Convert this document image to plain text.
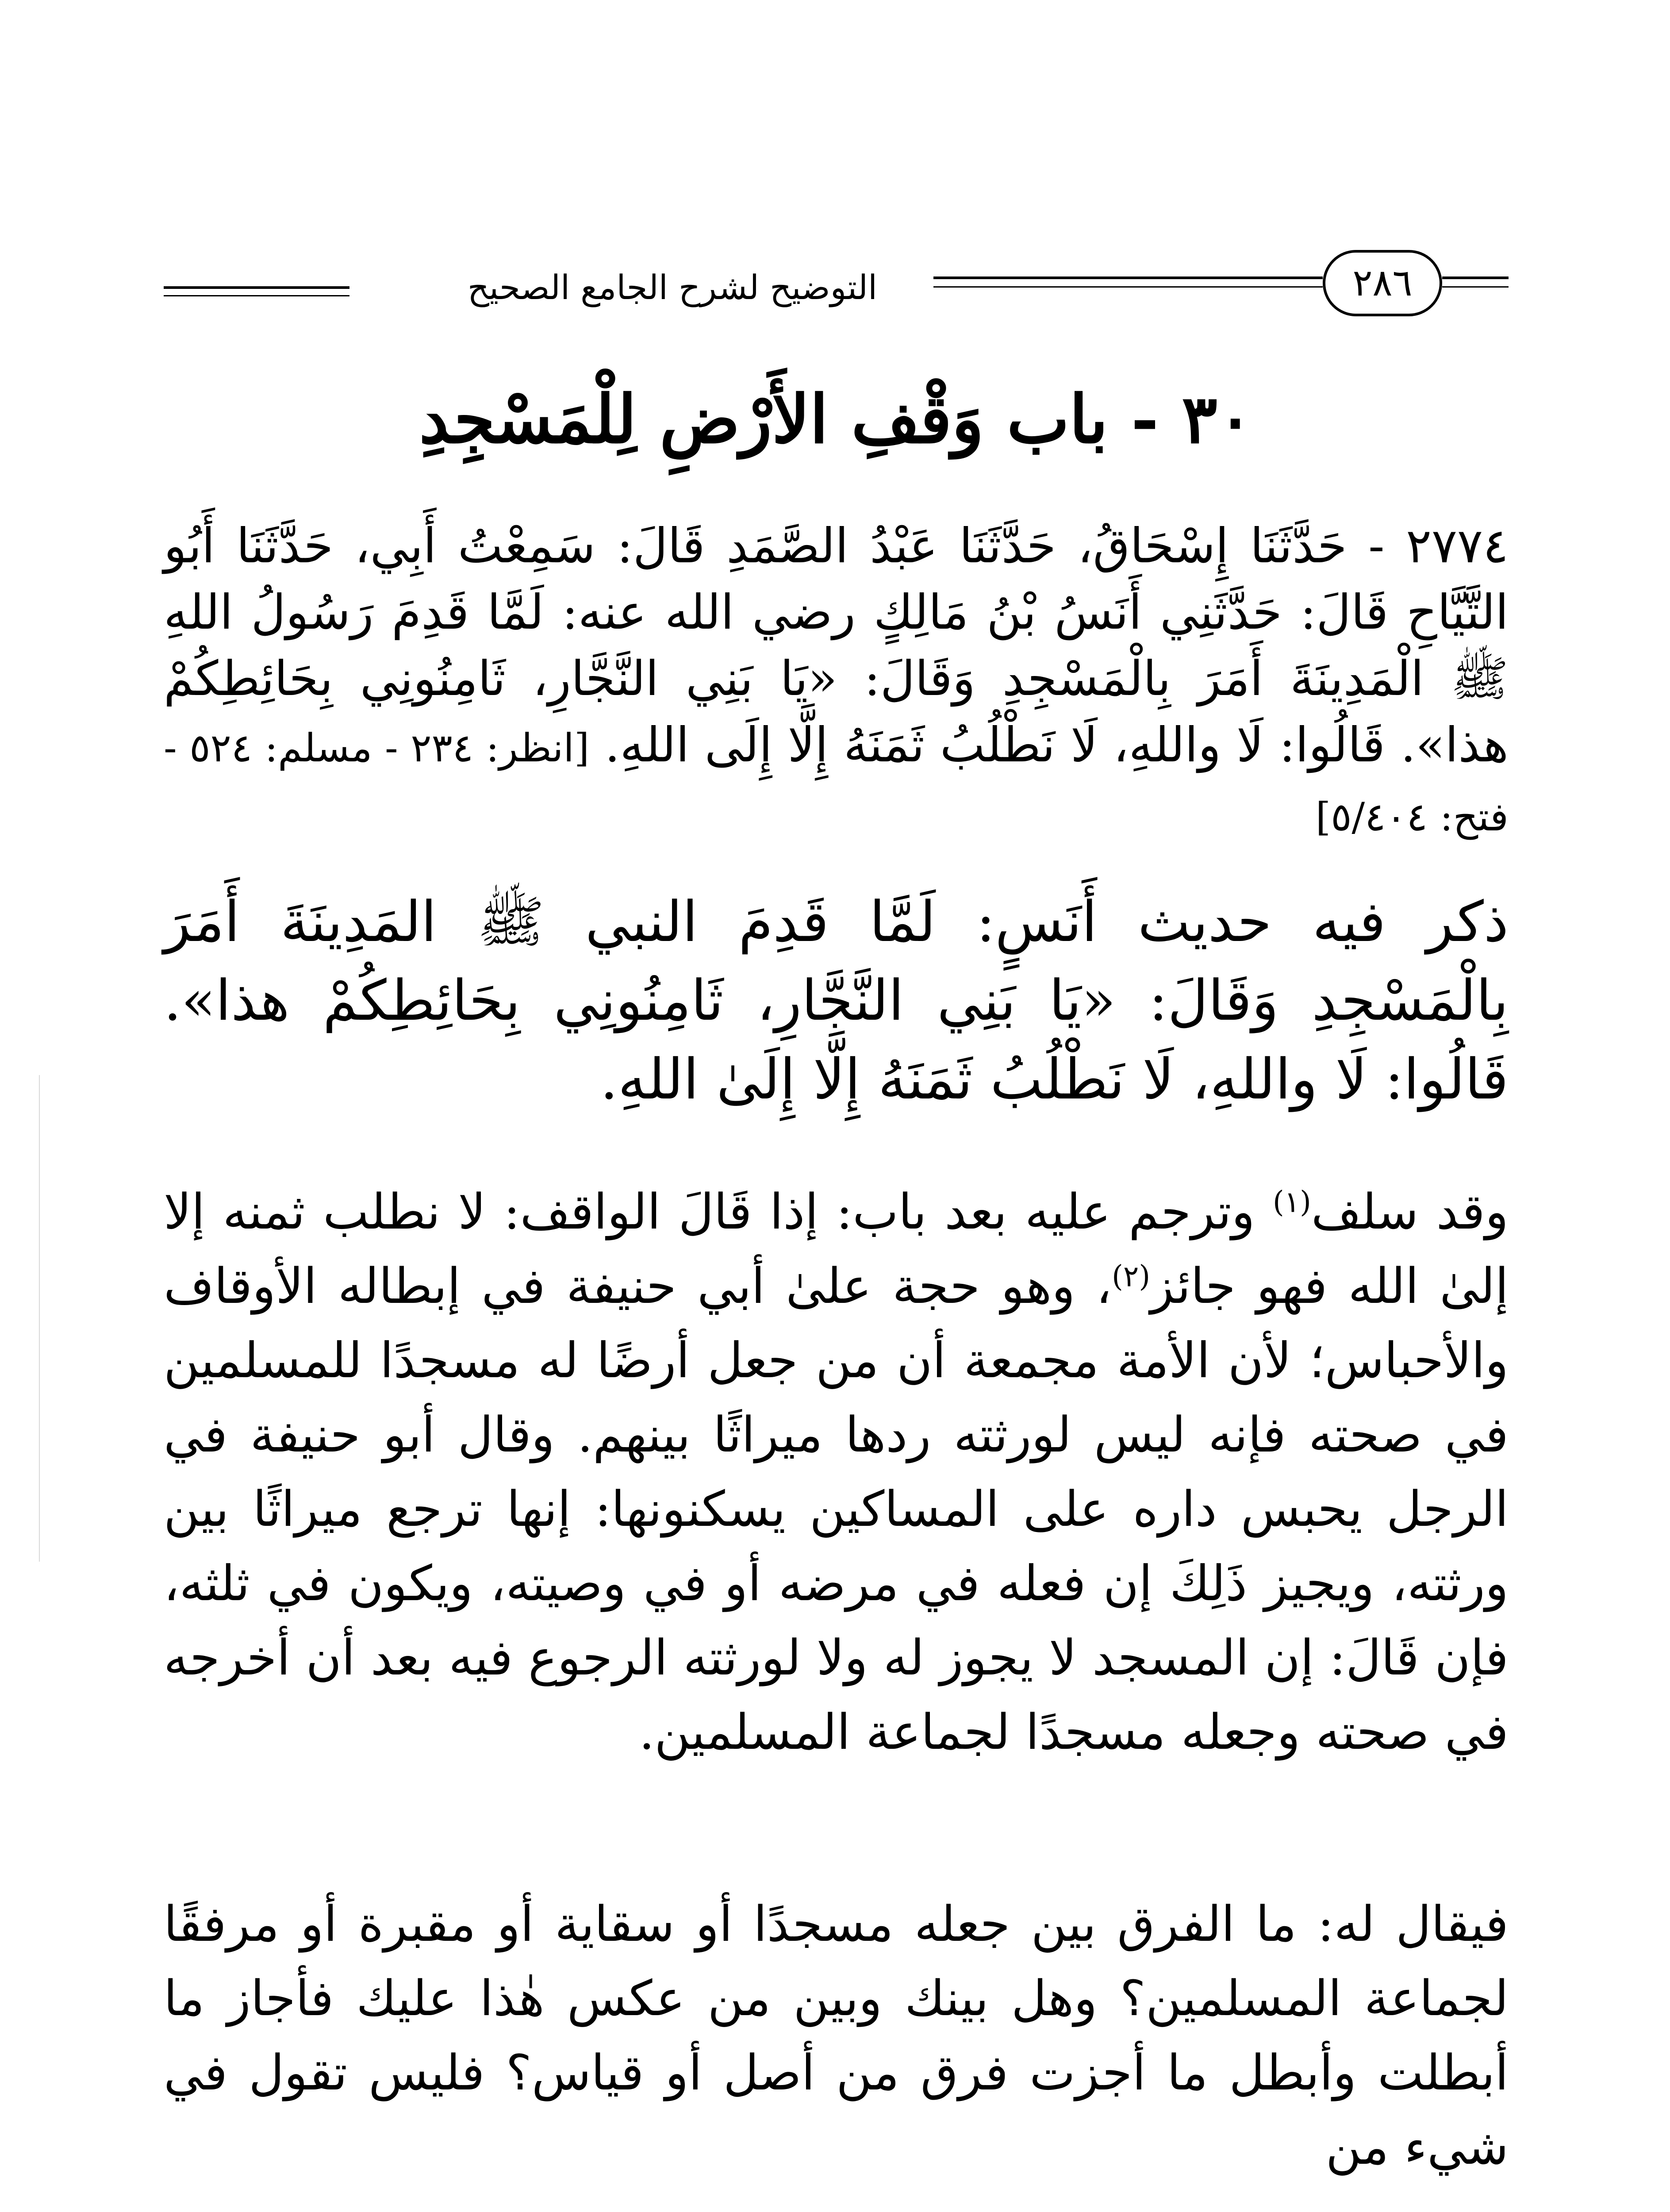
التوضيح لشرح الجامع الصحيح	٢٨٦
٣٠ - باب وَقْفِ الأَرْضِ لِلْمَسْجِدِ
٢٧٧٤ - حَدَّثَنَا إِسْحَاقُ، حَدَّثَنَا عَبْدُ الصَّمَدِ قَالَ: سَمِعْتُ أَبِي، حَدَّثَنَا أَبُو التَّيَّاحِ قَالَ: حَدَّثَنِي أَنَسُ بْنُ مَالِكٍ رضي الله عنه: لَمَّا قَدِمَ رَسُولُ اللهِ ﷺ الْمَدِينَةَ أَمَرَ بِالْمَسْجِدِ وَقَالَ: «يَا بَنِي النَّجَّارِ، ثَامِنُونِي بِحَائِطِكُمْ هذا». قَالُوا: لَا واللهِ، لَا نَطْلُبُ ثَمَنَهُ إِلَّا إِلَى اللهِ. [انظر: ٢٣٤ - مسلم: ٥٢٤ - فتح: ٥/٤٠٤]
ذكر فيه حديث أَنَسٍ: لَمَّا قَدِمَ النبي ﷺ المَدِينَةَ أَمَرَ بِالْمَسْجِدِ وَقَالَ: «يَا بَنِي النَّجَّارِ، ثَامِنُونِي بِحَائِطِكُمْ هذا». قَالُوا: لَا واللهِ، لَا نَطْلُبُ ثَمَنَهُ إِلَّا إِلَىٰ اللهِ.
وقد سلف$^{(١)}$ وترجم عليه بعد باب: إذا قَالَ الواقف: لا نطلب ثمنه إلا إلىٰ الله فهو جائز$^{(٢)}$، وهو حجة علىٰ أبي حنيفة في إبطاله الأوقاف والأحباس؛ لأن الأمة مجمعة أن من جعل أرضًا له مسجدًا للمسلمين في صحته فإنه ليس لورثته ردها ميراثًا بينهم. وقال أبو حنيفة في الرجل يحبس داره على المساكين يسكنونها: إنها ترجع ميراثًا بين ورثته، ويجيز ذَلِكَ إن فعله في مرضه أو في وصيته، ويكون في ثلثه، فإن قَالَ: إن المسجد لا يجوز له ولا لورثته الرجوع فيه بعد أن أخرجه في صحته وجعله مسجدًا لجماعة المسلمين.
فيقال له: ما الفرق بين جعله مسجدًا أو سقاية أو مقبرة أو مرفقًا لجماعة المسلمين؟ وهل بينك وبين من عكس هٰذا عليك فأجاز ما أبطلت وأبطل ما أجزت فرق من أصل أو قياس؟ فليس تقول في شيء من
